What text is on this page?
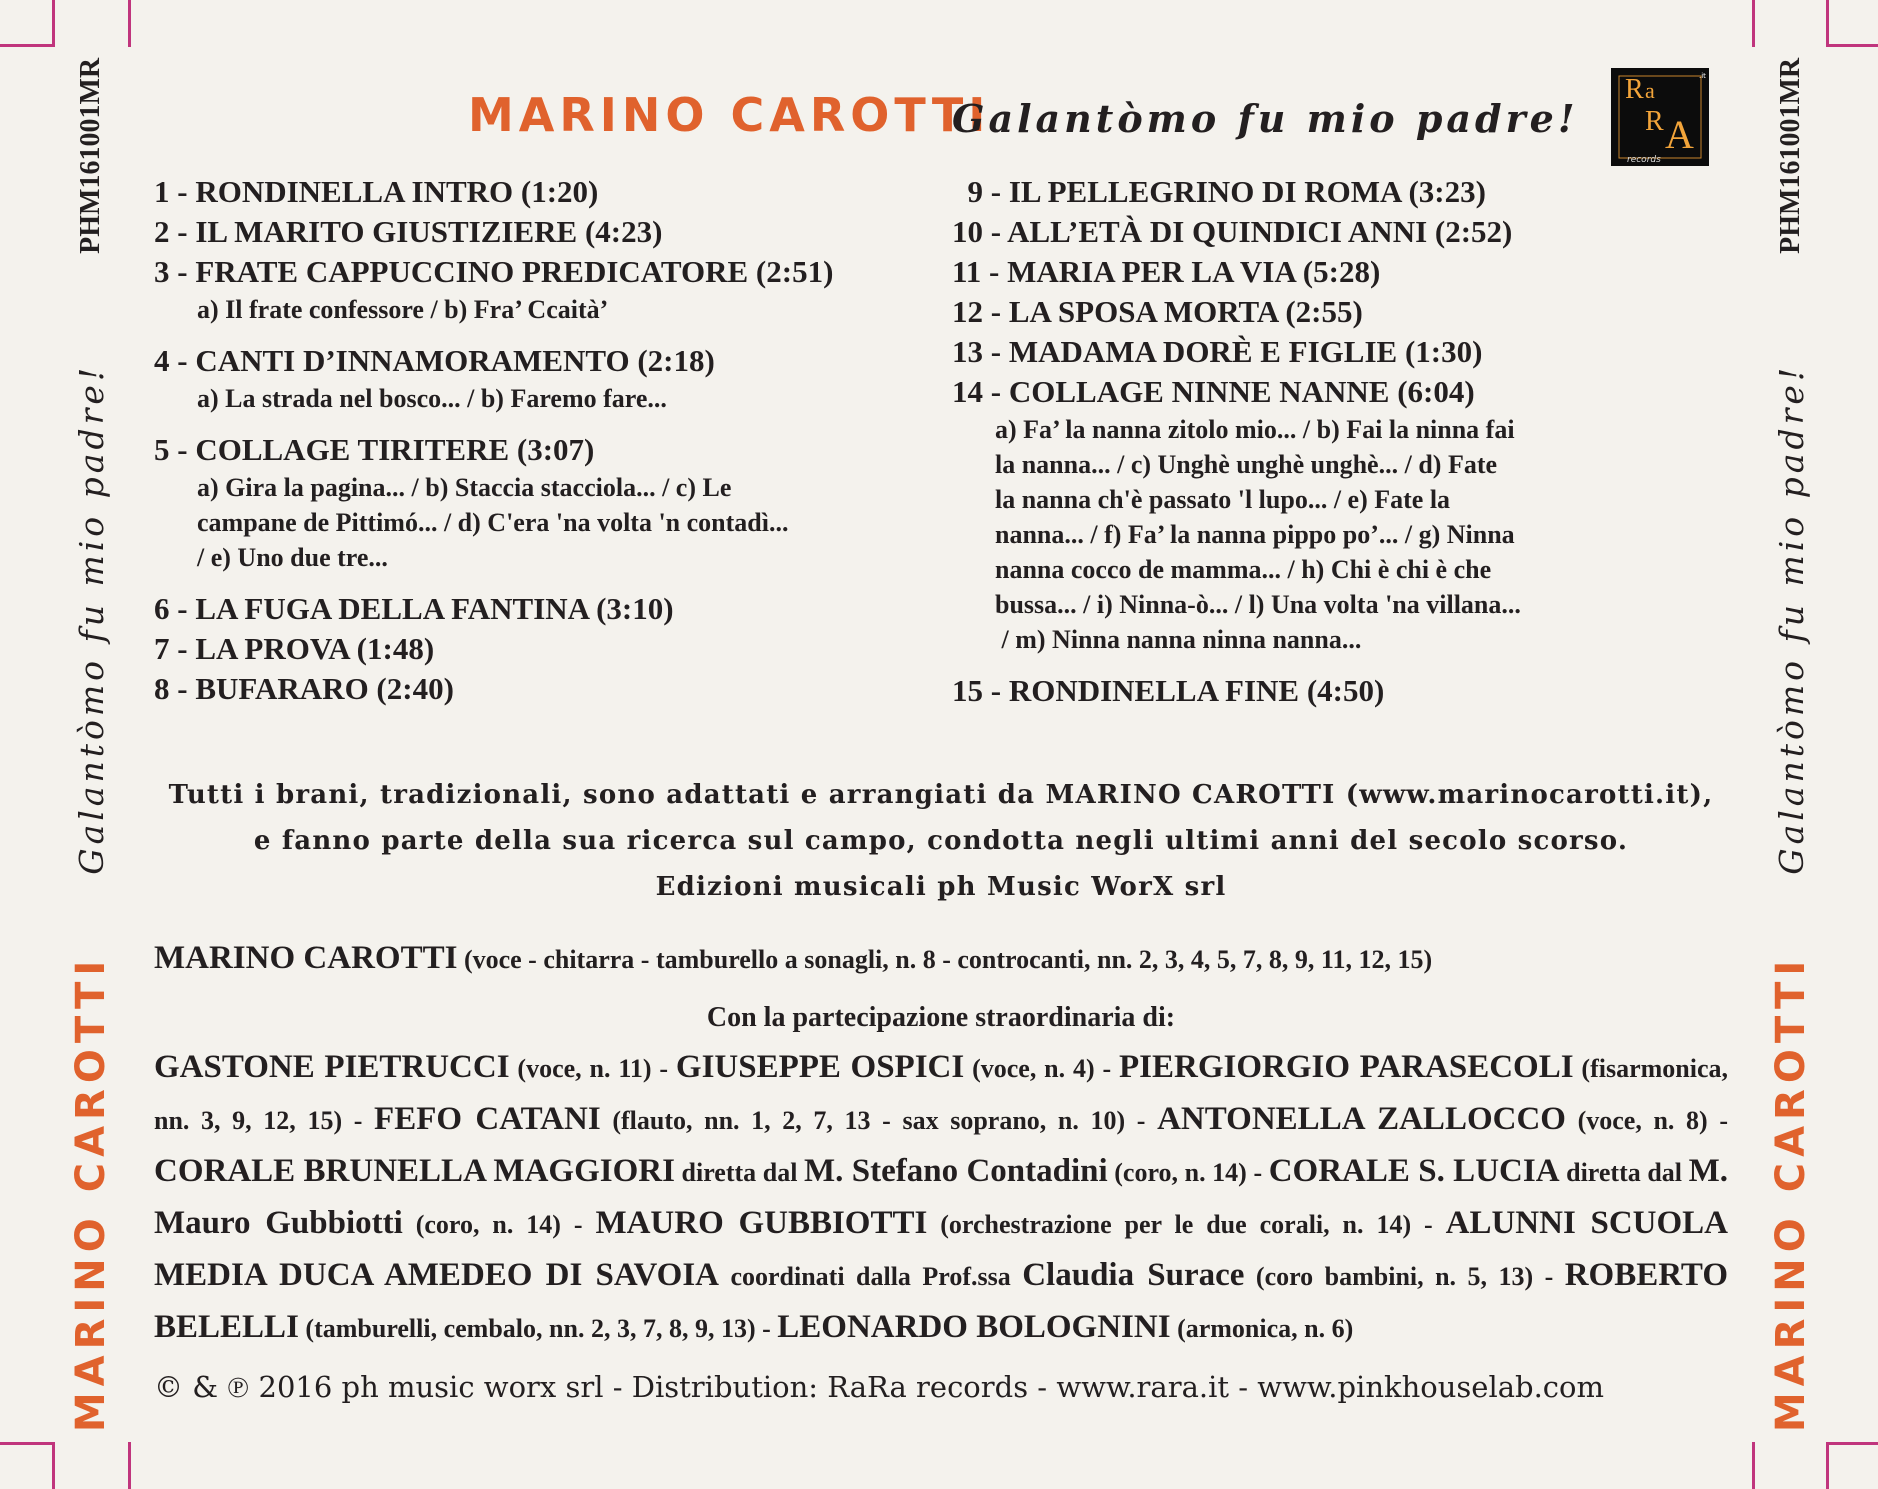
MARINO CAROTTI
Galantòmo fu mio padre!
PHM161001MR
MARINO CAROTTI
Galantòmo fu mio padre!
PHM161001MR
MARINO CAROTTI
Galantòmo fu mio padre!
R a
R A
.it
records
1 - RONDINELLA INTRO (1:20)
2 - IL MARITO GIUSTIZIERE (4:23)
3 - FRATE CAPPUCCINO PREDICATORE (2:51)
a) Il frate confessore / b) Fra’ Ccaità’
4 - CANTI D’INNAMORAMENTO (2:18)
a) La strada nel bosco... / b) Faremo fare...
5 - COLLAGE TIRITERE (3:07)
a) Gira la pagina... / b) Staccia stacciola... / c) Le
campane de Pittimó... / d) C'era 'na volta 'n contadì...
/ e) Uno due tre...
6 - LA FUGA DELLA FANTINA (3:10)
7 - LA PROVA (1:48)
8 - BUFARARO (2:40)
9 - IL PELLEGRINO DI ROMA (3:23)
10 - ALL’ETÀ DI QUINDICI ANNI (2:52)
11 - MARIA PER LA VIA (5:28)
12 - LA SPOSA MORTA (2:55)
13 - MADAMA DORÈ E FIGLIE (1:30)
14 - COLLAGE NINNE NANNE (6:04)
a) Fa’ la nanna zitolo mio... / b) Fai la ninna fai
la nanna... / c) Unghè unghè unghè... / d) Fate
la nanna ch'è passato 'l lupo... / e) Fate la
nanna... / f) Fa’ la nanna pippo po’... / g) Ninna
nanna cocco de mamma... / h) Chi è chi è che
bussa... / i) Ninna-ò... / l) Una volta 'na villana...
/ m) Ninna nanna ninna nanna...
15 - RONDINELLA FINE (4:50)
Tutti i brani, tradizionali, sono adattati e arrangiati da MARINO CAROTTI (www.marinocarotti.it),
e fanno parte della sua ricerca sul campo, condotta negli ultimi anni del secolo scorso.
Edizioni musicali ph Music WorX srl
MARINO CAROTTI (voce - chitarra - tamburello a sonagli, n. 8 - controcanti, nn. 2, 3, 4, 5, 7, 8, 9, 11, 12, 15)
Con la partecipazione straordinaria di:
GASTONE PIETRUCCI (voce, n. 11) - GIUSEPPE OSPICI (voce, n. 4) - PIERGIORGIO PARASECOLI (fisarmonica, nn. 3, 9, 12, 15) - FEFO CATANI (flauto, nn. 1, 2, 7, 13 - sax soprano, n. 10) - ANTONELLA ZALLOCCO (voce, n. 8) - CORALE BRUNELLA MAGGIORI diretta dal M. Stefano Contadini (coro, n. 14) - CORALE S. LUCIA diretta dal M. Mauro Gubbiotti (coro, n. 14) - MAURO GUBBIOTTI (orchestrazione per le due corali, n. 14) - ALUNNI SCUOLA MEDIA DUCA AMEDEO DI SAVOIA coordinati dalla Prof.ssa Claudia Surace (coro bambini, n. 5, 13) - ROBERTO BELELLI (tamburelli, cembalo, nn. 2, 3, 7, 8, 9, 13) - LEONARDO BOLOGNINI (armonica, n. 6)
© & ℗ 2016 ph music worx srl - Distribution: RaRa records - www.rara.it - www.pinkhouselab.com
